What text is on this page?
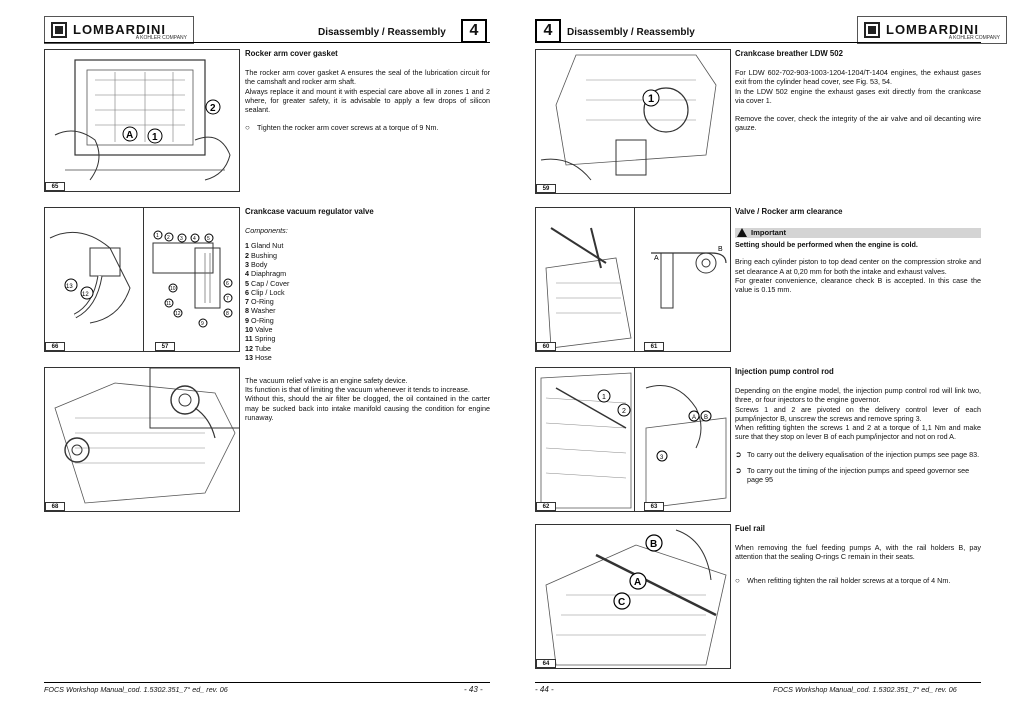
LOMBARDINI
A KOHLER COMPANY	Disassembly / Reassembly	4
A 1
2
65
Rocker arm cover gasket

The rocker arm cover gasket A ensures the seal of the lubrication circuit for the camshaft and rocker arm shaft.

Always replace it and mount it with especial care above all in zones 1 and 2 where, for greater safety, it is advisable to apply a few drops of silicon sealant.

○ Tighten the rocker arm cover screws at a torque of 9 Nm.
13
12
1 2 3 4 5
6
7
8
9
10
11
12
66	57
Crankcase vacuum regulator valve

Components:

1 Gland Nut
2 Bushing
3 Body
4 Diaphragm
5 Cap / Cover
6 Clip / Lock
7 O-Ring
8 Washer
9 O-Ring
10 Valve
11 Spring
12 Tube
13 Hose
68

The vacuum relief valve is an engine safety device.

Its function is that of limiting the vacuum whenever it tends to increase.

Without this, should the air filter be clogged, the oil contained in the carter may be sucked back into intake manifold causing the condition for engine runaway.

FOCS Workshop Manual_cod. 1.5302.351_7° ed_ rev. 06	- 43 -
4	Disassembly / Reassembly	LOMBARDINI
A KOHLER COMPANY
1
59
Crankcase breather LDW 502

For LDW 602-702-903-1003-1204-1204/T-1404 engines, the exhaust gases exit from the cylinder head cover, see Fig. 53, 54.

In the LDW 502 engine the exhaust gases exit directly from the crankcase via cover 1.

Remove the cover, check the integrity of the air valve and oil decanting wire gauze.

A
B
60	61
Valve / Rocker arm clearance
Important

Setting should be performed when the engine is cold.

Bring each cylinder piston to top dead center on the compression stroke and set clearance A at 0,20 mm for both the intake and exhaust valves.

For greater convenience, clearance check B is accepted. In this case the value is 0.15 mm.

1
2
A B
3
62	63
Injection pump control rod

Depending on the engine model, the injection pump control rod will link two, three, or four injectors to the engine governor.

Screws 1 and 2 are pivoted on the delivery control lever of each pump/injector B, unscrew the screws and remove spring 3.

When refitting tighten the screws 1 and 2 at a torque of 1,1 Nm and make sure that they stop on lever B of each pump/injector and not on rod A.

➲ To carry out the delivery equalisation of the injection pumps see page 83.
➲ To carry out the timing of the injection pumps and speed governor see page 95
B
A
C
64
Fuel rail

When removing the fuel feeding pumps A, with the rail holders B, pay attention that the sealing O-rings C remain in their seats.

○ When refitting tighten the rail holder screws at a torque of 4 Nm.
- 44 -	FOCS Workshop Manual_cod. 1.5302.351_7° ed_ rev. 06
